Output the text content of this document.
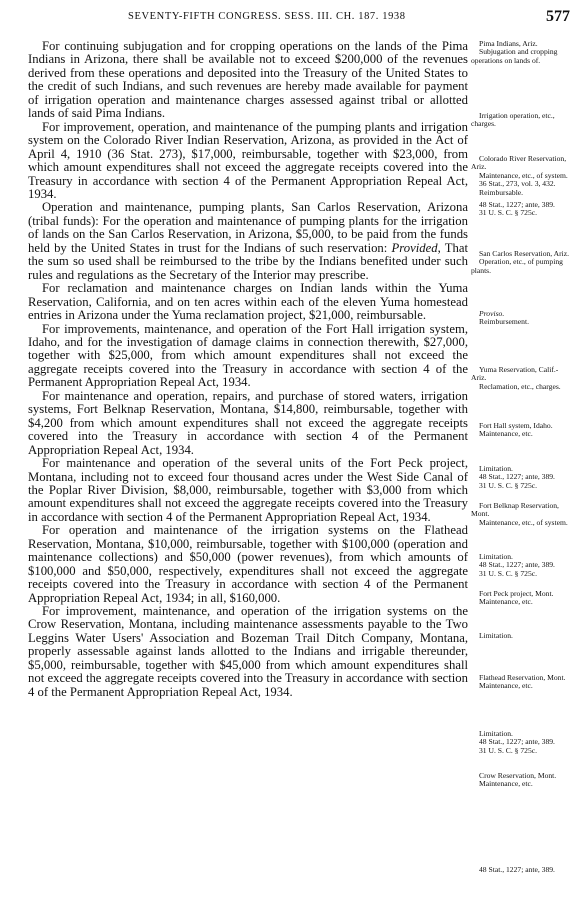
SEVENTY-FIFTH CONGRESS. SESS. III. CH. 187. 1938	577

For continuing subjugation and for cropping operations on the lands of the Pima Indians in Arizona, there shall be available not to exceed $200,000 of the revenues derived from these operations and deposited into the Treasury of the United States to the credit of such Indians, and such revenues are hereby made available for payment of irrigation operation and maintenance charges assessed against tribal or allotted lands of said Pima Indians.

For improvement, operation, and maintenance of the pumping plants and irrigation system on the Colorado River Indian Reservation, Arizona, as provided in the Act of April 4, 1910 (36 Stat. 273), $17,000, reimbursable, together with $23,000, from which amount expenditures shall not exceed the aggregate receipts covered into the Treasury in accordance with section 4 of the Permanent Appropriation Repeal Act, 1934.

Operation and maintenance, pumping plants, San Carlos Reservation, Arizona (tribal funds): For the operation and maintenance of pumping plants for the irrigation of lands on the San Carlos Reservation, in Arizona, $5,000, to be paid from the funds held by the United States in trust for the Indians of such reservation: Provided, That the sum so used shall be reimbursed to the tribe by the Indians benefited under such rules and regulations as the Secretary of the Interior may prescribe.

For reclamation and maintenance charges on Indian lands within the Yuma Reservation, California, and on ten acres within each of the eleven Yuma homestead entries in Arizona under the Yuma reclamation project, $21,000, reimbursable.

For improvements, maintenance, and operation of the Fort Hall irrigation system, Idaho, and for the investigation of damage claims in connection therewith, $27,000, together with $25,000, from which amount expenditures shall not exceed the aggregate receipts covered into the Treasury in accordance with section 4 of the Permanent Appropriation Repeal Act, 1934.

For maintenance and operation, repairs, and purchase of stored waters, irrigation systems, Fort Belknap Reservation, Montana, $14,800, reimbursable, together with $4,200 from which amount expenditures shall not exceed the aggregate receipts covered into the Treasury in accordance with section 4 of the Permanent Appropriation Repeal Act, 1934.

For maintenance and operation of the several units of the Fort Peck project, Montana, including not to exceed four thousand acres under the West Side Canal of the Poplar River Division, $8,000, reimbursable, together with $3,000 from which amount expenditures shall not exceed the aggregate receipts covered into the Treasury in accordance with section 4 of the Permanent Appropriation Repeal Act, 1934.

For operation and maintenance of the irrigation systems on the Flathead Reservation, Montana, $10,000, reimbursable, together with $100,000 (operation and maintenance collections) and $50,000 (power revenues), from which amounts of $100,000 and $50,000, respectively, expenditures shall not exceed the aggregate receipts covered into the Treasury in accordance with section 4 of the Permanent Appropriation Repeal Act, 1934; in all, $160,000.

For improvement, maintenance, and operation of the irrigation systems on the Crow Reservation, Montana, including maintenance assessments payable to the Two Leggins Water Users' Association and Bozeman Trail Ditch Company, Montana, properly assessable against lands allotted to the Indians and irrigable thereunder, $5,000, reimbursable, together with $45,000 from which amount expenditures shall not exceed the aggregate receipts covered into the Treasury in accordance with section 4 of the Permanent Appropriation Repeal Act, 1934.

Pima Indians, Ariz.
Subjugation and cropping operations on lands of.
Irrigation operation, etc., charges.
Colorado River Reservation, Ariz.
Maintenance, etc., of system.
36 Stat., 273, vol. 3, 432.
Reimbursable.
48 Stat., 1227; ante, 389.
31 U. S. C. § 725c.
San Carlos Reservation, Ariz.
Operation, etc., of pumping plants.
Proviso.
Reimbursement.
Yuma Reservation, Calif.-Ariz.
Reclamation, etc., charges.
Fort Hall system, Idaho.
Maintenance, etc.
Limitation.
48 Stat., 1227; ante, 389.
31 U. S. C. § 725c.
Fort Belknap Reservation, Mont.
Maintenance, etc., of system.
Limitation.
48 Stat., 1227; ante, 389.
31 U. S. C. § 725c.
Fort Peck project, Mont.
Maintenance, etc.
Limitation.
Flathead Reservation, Mont.
Maintenance, etc.
Limitation.
48 Stat., 1227; ante, 389.
31 U. S. C. § 725c.
Crow Reservation, Mont.
Maintenance, etc.
48 Stat., 1227; ante, 389.
